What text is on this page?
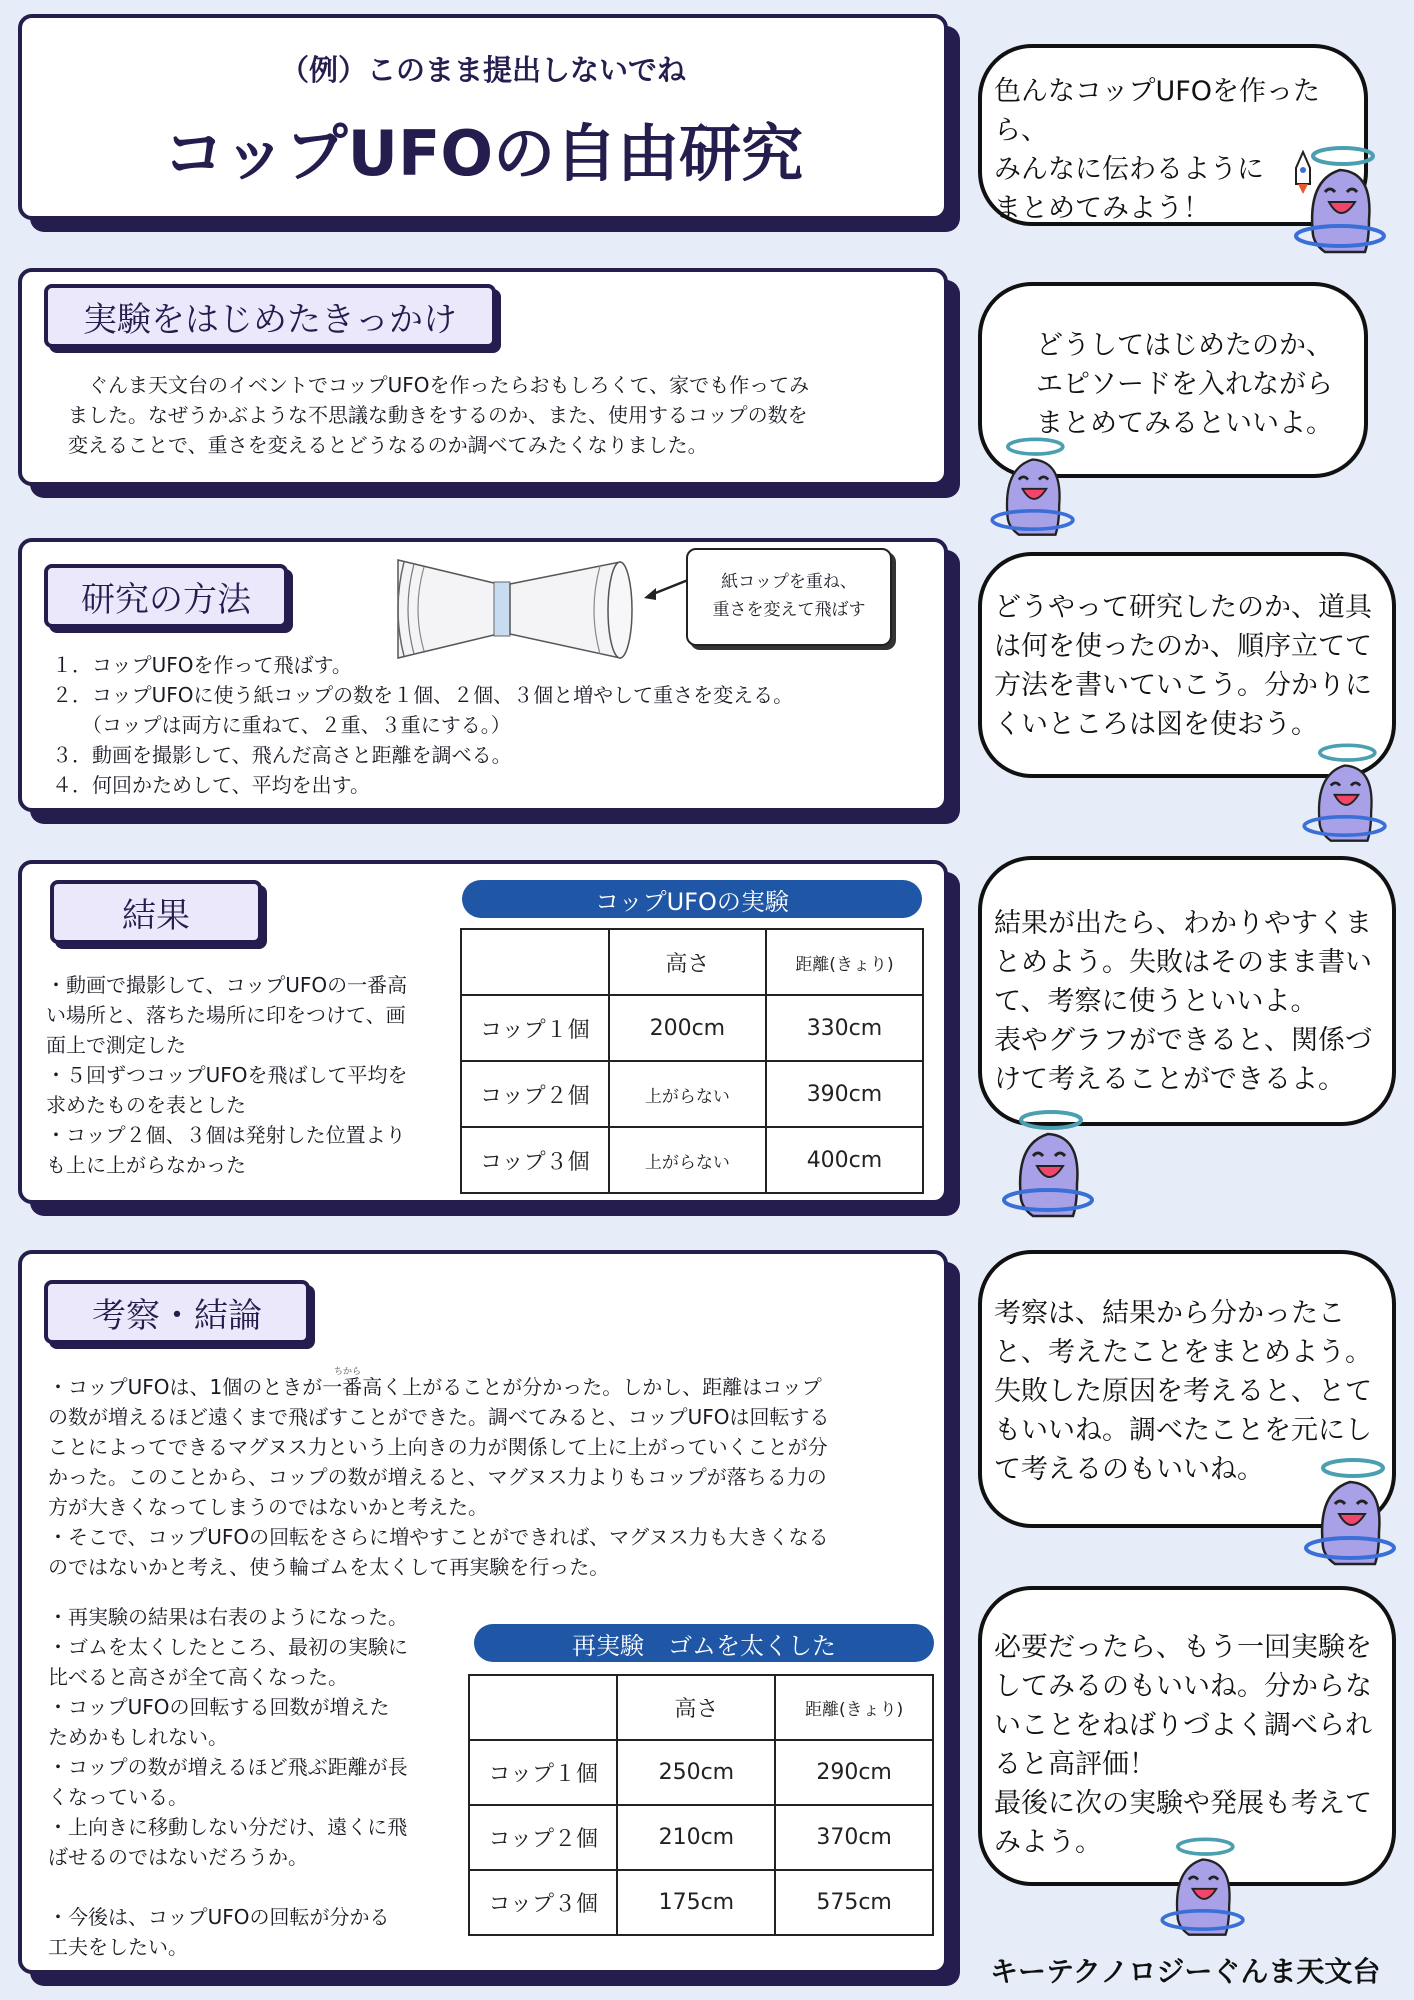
（例）このまま提出しないでね
コップUFOの自由研究
実験をはじめたきっかけ
ぐんま天文台のイベントでコップUFOを作ったらおもしろくて、家でも作ってみ
ました。なぜうかぶような不思議な動きをするのか、また、使用するコップの数を
変えることで、重さを変えるとどうなるのか調べてみたくなりました。
研究の方法	紙コップを重ね、
重さを変えて飛ばす
１．コップUFOを作って飛ばす。
２．コップUFOに使う紙コップの数を１個、２個、３個と増やして重さを変える。
　（コップは両方に重ねて、２重、３重にする。）
３．動画を撮影して、飛んだ高さと距離を調べる。
４．何回かためして、平均を出す。
結果
・動画で撮影して、コップUFOの一番高
い場所と、落ちた場所に印をつけて、画
面上で測定した
・５回ずつコップUFOを飛ばして平均を
求めたものを表とした
・コップ２個、３個は発射した位置より
も上に上がらなかった
コップUFOの実験
	高さ	距離(きょり)
コップ１個	200cm	330cm
コップ２個	上がらない	390cm
コップ３個	上がらない	400cm
考察・結論
・コップUFOは、1個のときが一番高く上がることが分かった。しかし、距離はコップ
の数が増えるほど遠くまで飛ばすことができた。調べてみると、コップUFOは回転する
ことによってできるマグヌス力という上向きの力が関係して上に上がっていくことが分
かった。このことから、コップの数が増えると、マグヌス力よりもコップが落ちる力の
方が大きくなってしまうのではないかと考えた。
・そこで、コップUFOの回転をさらに増やすことができれば、マグヌス力も大きくなる
のではないかと考え、使う輪ゴムを太くして再実験を行った。
ちから
・再実験の結果は右表のようになった。
・ゴムを太くしたところ、最初の実験に
比べると高さが全て高くなった。
・コップUFOの回転する回数が増えた
ためかもしれない。
・コップの数が増えるほど飛ぶ距離が長
くなっている。
・上向きに移動しない分だけ、遠くに飛
ばせるのではないだろうか。
・今後は、コップUFOの回転が分かる
工夫をしたい。
再実験　ゴムを太くした
	高さ	距離(きょり)
コップ１個	250cm	290cm
コップ２個	210cm	370cm
コップ３個	175cm	575cm
色んなコップUFOを作ったら、
みんなに伝わるように
まとめてみよう！
どうしてはじめたのか、
エピソードを入れながら
まとめてみるといいよ。
どうやって研究したのか、道具
は何を使ったのか、順序立てて
方法を書いていこう。分かりに
くいところは図を使おう。
結果が出たら、わかりやすくま
とめよう。失敗はそのまま書い
て、考察に使うといいよ。
表やグラフができると、関係づ
けて考えることができるよ。
考察は、結果から分かったこ
と、考えたことをまとめよう。
失敗した原因を考えると、とて
もいいね。調べたことを元にし
て考えるのもいいね。
必要だったら、もう一回実験を
してみるのもいいね。分からな
いことをねばりづよく調べられ
ると高評価！
最後に次の実験や発展も考えて
みよう。
キーテクノロジーぐんま天文台
